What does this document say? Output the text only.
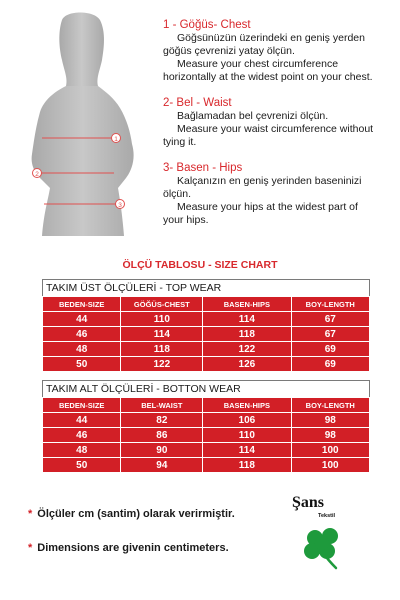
1
2
3
1 - Göğüs- Chest
Göğsünüzün üzerindeki en geniş yerden
göğüs çevrenizi yatay ölçün.
Measure your chest circumference
horizontally at the widest point on your chest.
2- Bel - Waist
Bağlamadan bel çevrenizi ölçün.
Measure your waist circumference without
tying it.
3- Basen - Hips
Kalçanızın en geniş yerinden baseninizi
ölçün.
Measure your hips at the widest part of
your hips.
ÖLÇÜ TABLOSU - SIZE CHART
TAKIM ÜST ÖLÇÜLERİ - TOP WEAR
BEDEN-SIZE	GÖĞÜS-CHEST	BASEN-HIPS	BOY-LENGTH
44	110	114	67
46	114	118	67
48	118	122	69
50	122	126	69
TAKIM ALT ÖLÇÜLERİ - BOTTON WEAR
BEDEN-SIZE	BEL-WAIST	BASEN-HIPS	BOY-LENGTH
44	82	106	98
46	86	110	98
48	90	114	100
50	94	118	100
* Ölçüler cm (santim) olarak verirmiştir.
* Dimensions are givenin centimeters.
Şans
Tekstil
